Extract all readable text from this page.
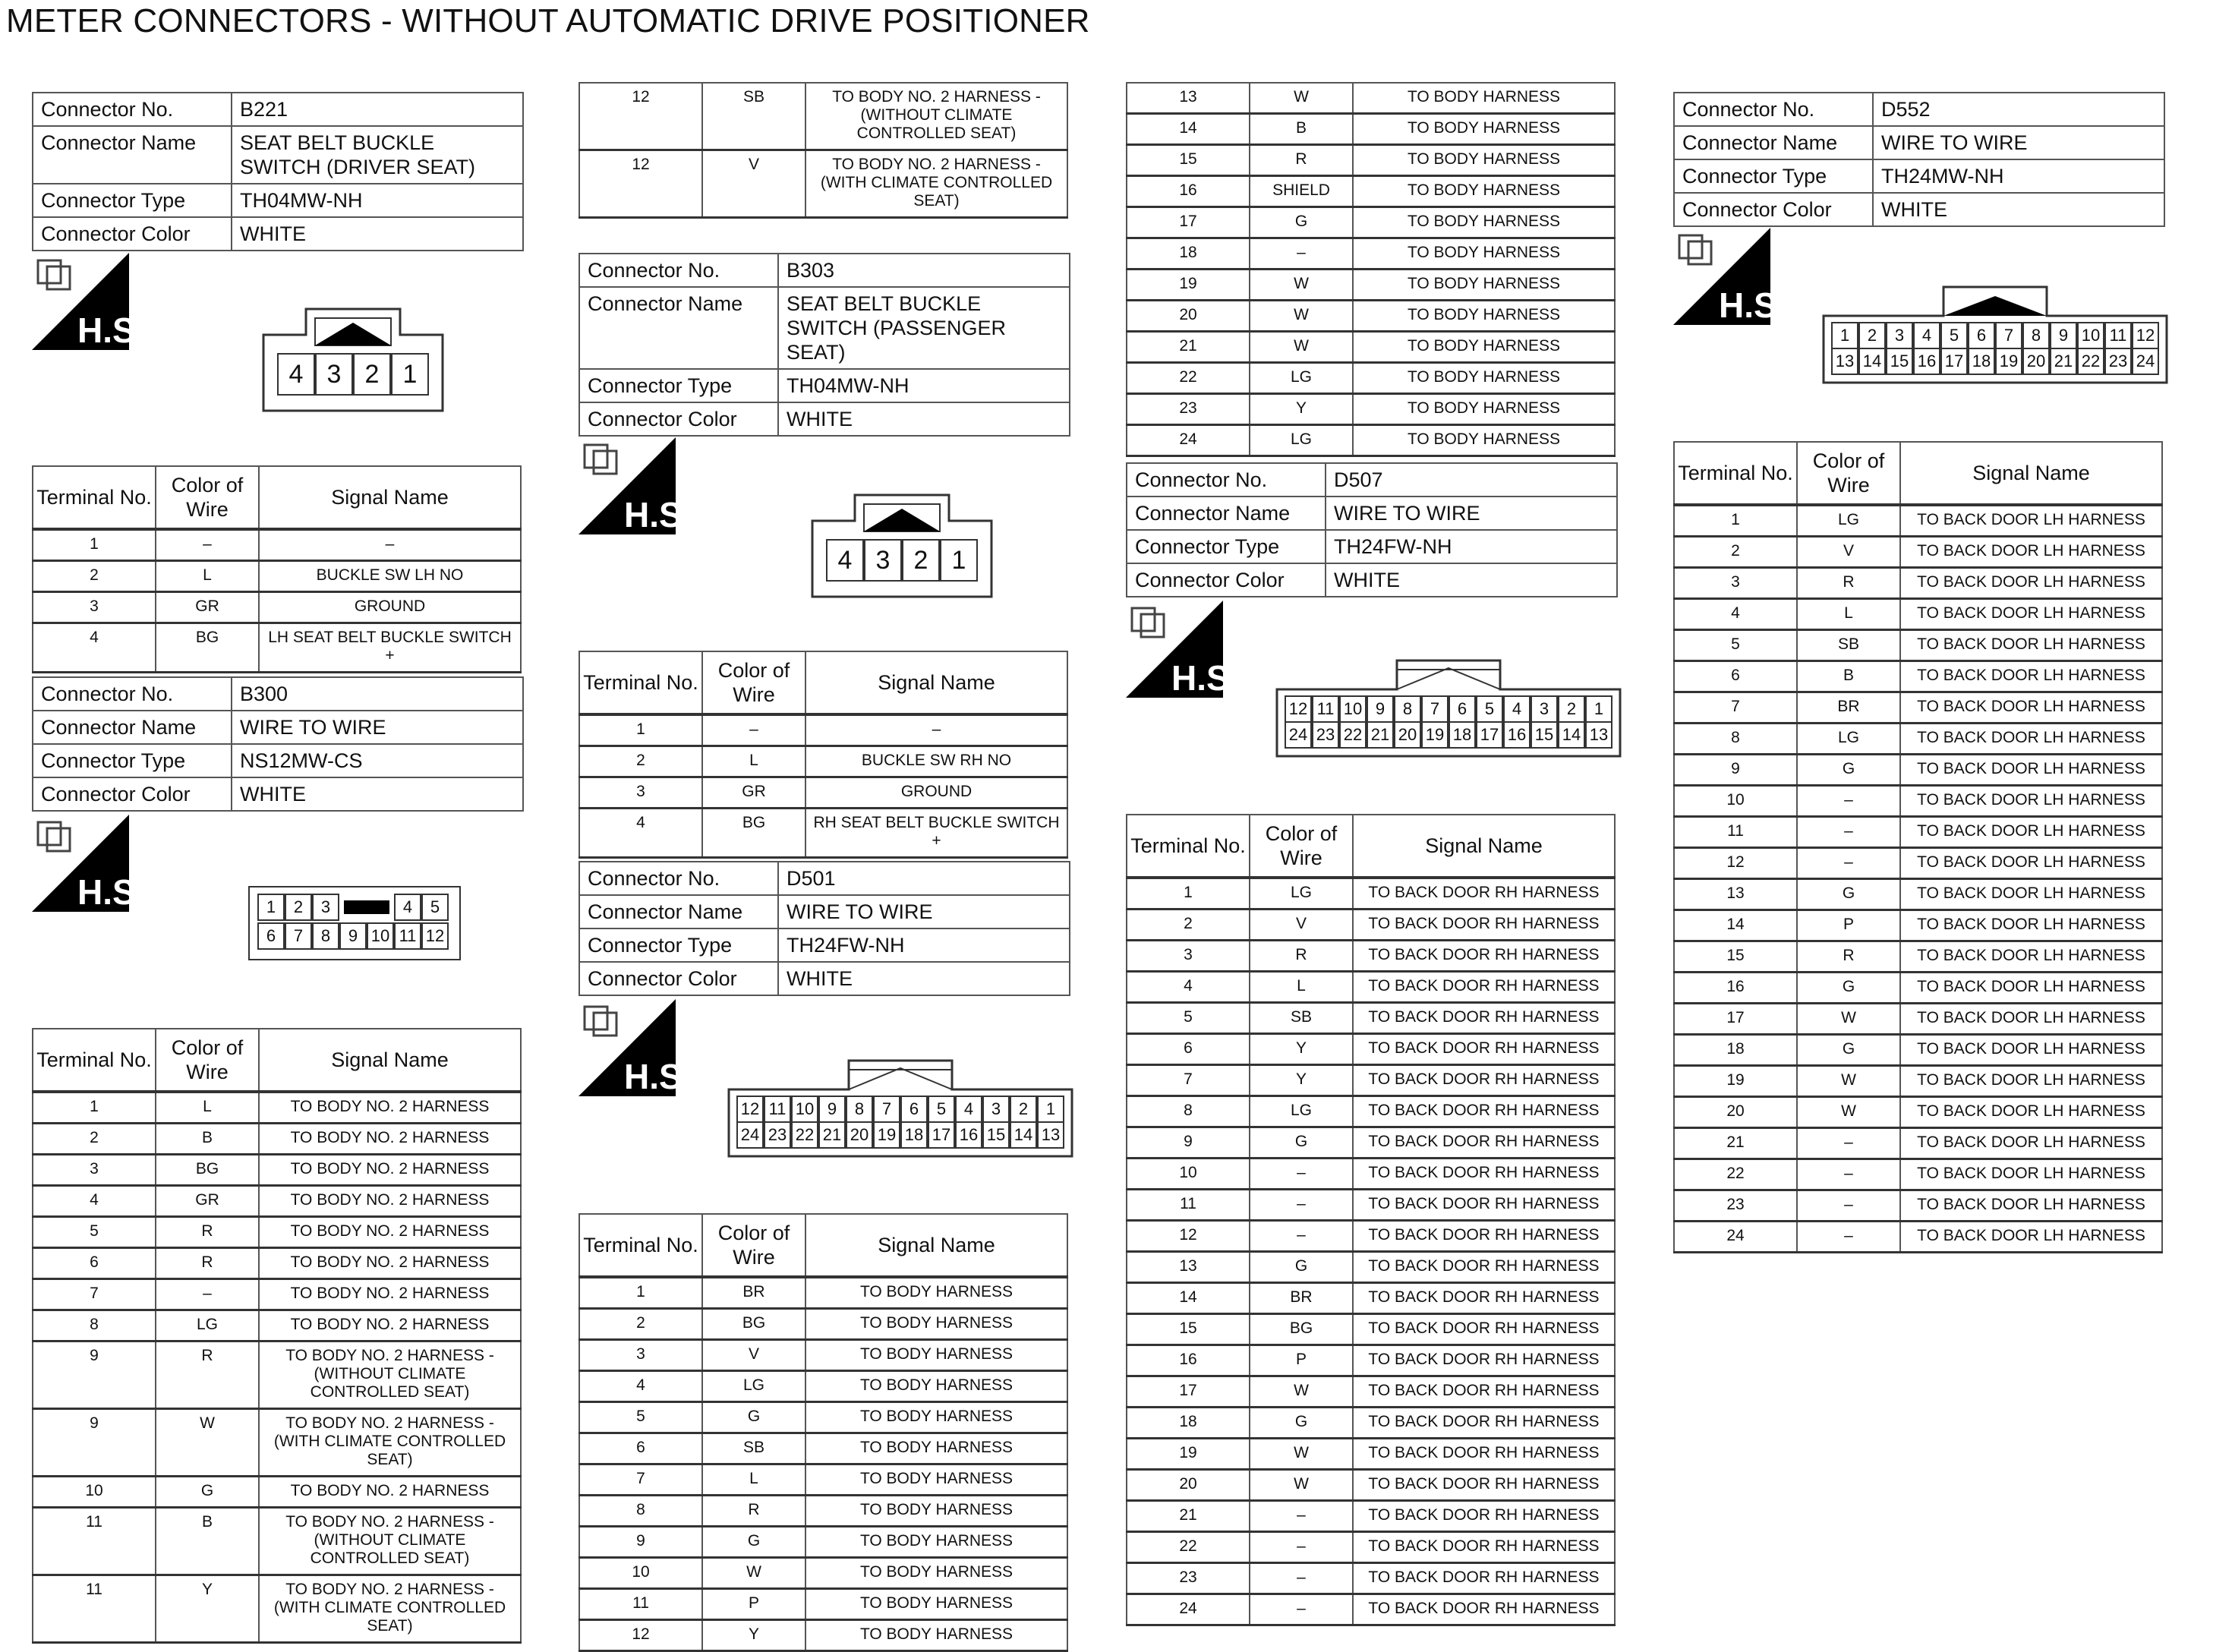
METER CONNECTORS - WITHOUT AUTOMATIC DRIVE POSITIONER
Connector No.	B221
Connector Name	SEAT BELT BUCKLE SWITCH (DRIVER SEAT)
Connector Type	TH04MW-NH
Connector Color	WHITE
H.S.
4 3 2 1
Terminal No.	Color of Wire	Signal Name
1	–	–
2	L	BUCKLE SW LH NO
3	GR	GROUND
4	BG	LH SEAT BELT BUCKLE SWITCH +
Connector No.	B300
Connector Name	WIRE TO WIRE
Connector Type	NS12MW-CS
Connector Color	WHITE
H.S.	1	2	3	4	5
6	7	8	9 10 11 12
Terminal No.	Color of Wire	Signal Name
1	L	TO BODY NO. 2 HARNESS
2	B	TO BODY NO. 2 HARNESS
3	BG	TO BODY NO. 2 HARNESS
4	GR	TO BODY NO. 2 HARNESS
5	R	TO BODY NO. 2 HARNESS
6	R	TO BODY NO. 2 HARNESS
7	–	TO BODY NO. 2 HARNESS
8	LG	TO BODY NO. 2 HARNESS
9	R	TO BODY NO. 2 HARNESS - (WITHOUT CLIMATE CONTROLLED SEAT)
9	W	TO BODY NO. 2 HARNESS - (WITH CLIMATE CONTROLLED SEAT)
10	G	TO BODY NO. 2 HARNESS
11	B	TO BODY NO. 2 HARNESS - (WITHOUT CLIMATE CONTROLLED SEAT)
11	Y	TO BODY NO. 2 HARNESS - (WITH CLIMATE CONTROLLED SEAT)
12	SB	TO BODY NO. 2 HARNESS - (WITHOUT CLIMATE CONTROLLED SEAT)
12	V	TO BODY NO. 2 HARNESS - (WITH CLIMATE CONTROLLED SEAT)
Connector No.	B303
Connector Name	SEAT BELT BUCKLE SWITCH (PASSENGER SEAT)
Connector Type	TH04MW-NH
Connector Color	WHITE
H.S.
4 3 2 1
Terminal No.	Color of Wire	Signal Name
1	–	–
2	L	BUCKLE SW RH NO
3	GR	GROUND
4	BG	RH SEAT BELT BUCKLE SWITCH +
Connector No.	D501
Connector Name	WIRE TO WIRE
Connector Type	TH24FW-NH
Connector Color	WHITE
H.S.
12 11 10 9	8	7	6	5	4	3	2	1
24 23 22 21 20 19 18 17 16 15 14 13
Terminal No.	Color of Wire	Signal Name
1	BR	TO BODY HARNESS
2	BG	TO BODY HARNESS
3	V	TO BODY HARNESS
4	LG	TO BODY HARNESS
5	G	TO BODY HARNESS
6	SB	TO BODY HARNESS
7	L	TO BODY HARNESS
8	R	TO BODY HARNESS
9	G	TO BODY HARNESS
10	W	TO BODY HARNESS
11	P	TO BODY HARNESS
12	Y	TO BODY HARNESS
13	W	TO BODY HARNESS
14	B	TO BODY HARNESS
15	R	TO BODY HARNESS
16	SHIELD	TO BODY HARNESS
17	G	TO BODY HARNESS
18	–	TO BODY HARNESS
19	W	TO BODY HARNESS
20	W	TO BODY HARNESS
21	W	TO BODY HARNESS
22	LG	TO BODY HARNESS
23	Y	TO BODY HARNESS
24	LG	TO BODY HARNESS
Connector No.	D507
Connector Name	WIRE TO WIRE
Connector Type	TH24FW-NH
Connector Color	WHITE
H.S.
12 11 10 9	8	7	6	5	4	3	2	1
24 23 22 21 20 19 18 17 16 15 14 13
Terminal No.	Color of Wire	Signal Name
1	LG	TO BACK DOOR RH HARNESS
2	V	TO BACK DOOR RH HARNESS
3	R	TO BACK DOOR RH HARNESS
4	L	TO BACK DOOR RH HARNESS
5	SB	TO BACK DOOR RH HARNESS
6	Y	TO BACK DOOR RH HARNESS
7	Y	TO BACK DOOR RH HARNESS
8	LG	TO BACK DOOR RH HARNESS
9	G	TO BACK DOOR RH HARNESS
10	–	TO BACK DOOR RH HARNESS
11	–	TO BACK DOOR RH HARNESS
12	–	TO BACK DOOR RH HARNESS
13	G	TO BACK DOOR RH HARNESS
14	BR	TO BACK DOOR RH HARNESS
15	BG	TO BACK DOOR RH HARNESS
16	P	TO BACK DOOR RH HARNESS
17	W	TO BACK DOOR RH HARNESS
18	G	TO BACK DOOR RH HARNESS
19	W	TO BACK DOOR RH HARNESS
20	W	TO BACK DOOR RH HARNESS
21	–	TO BACK DOOR RH HARNESS
22	–	TO BACK DOOR RH HARNESS
23	–	TO BACK DOOR RH HARNESS
24	–	TO BACK DOOR RH HARNESS
Connector No.	D552
Connector Name	WIRE TO WIRE
Connector Type	TH24MW-NH
Connector Color	WHITE
H.S.
1	2	3	4	5	6	7	8	9 10 11 12
13 14 15 16 17 18 19 20 21 22 23 24
Terminal No.	Color of Wire	Signal Name
1	LG	TO BACK DOOR LH HARNESS
2	V	TO BACK DOOR LH HARNESS
3	R	TO BACK DOOR LH HARNESS
4	L	TO BACK DOOR LH HARNESS
5	SB	TO BACK DOOR LH HARNESS
6	B	TO BACK DOOR LH HARNESS
7	BR	TO BACK DOOR LH HARNESS
8	LG	TO BACK DOOR LH HARNESS
9	G	TO BACK DOOR LH HARNESS
10	–	TO BACK DOOR LH HARNESS
11	–	TO BACK DOOR LH HARNESS
12	–	TO BACK DOOR LH HARNESS
13	G	TO BACK DOOR LH HARNESS
14	P	TO BACK DOOR LH HARNESS
15	R	TO BACK DOOR LH HARNESS
16	G	TO BACK DOOR LH HARNESS
17	W	TO BACK DOOR LH HARNESS
18	G	TO BACK DOOR LH HARNESS
19	W	TO BACK DOOR LH HARNESS
20	W	TO BACK DOOR LH HARNESS
21	–	TO BACK DOOR LH HARNESS
22	–	TO BACK DOOR LH HARNESS
23	–	TO BACK DOOR LH HARNESS
24	–	TO BACK DOOR LH HARNESS
